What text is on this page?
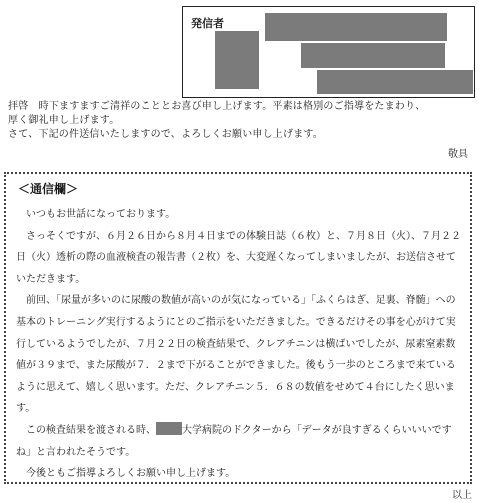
発信者

拝啓　時下ますますご清祥のこととお喜び申し上げます。平素は格別のご指導をたまわり、

厚く御礼申し上げます。

さて、下記の件送信いたしますので、よろしくお願い申し上げます。

敬具
＜通信欄＞

　いつもお世話になっております。

　さっそくですが、６月２６日から８月４日までの体験日誌（６枚）と、７月８日（火）、７月２２日（火）透析の際の血液検査の報告書（２枚）を、大変遅くなってしまいましたが、お送信させていただきます。

　前回、「尿量が多いのに尿酸の数値が高いのが気になっている」「ふくらはぎ、足裏、脊髄」への基本のトレーニング実行するようにとのご指示をいただきました。できるだけその事を心がけて実行しているようでしたが、７月２２日の検査結果で、クレアチニンは横ばいでしたが、尿素窒素数値が３９まで、また尿酸が７．２まで下がることができました。後もう一歩のところまで来ているように思えて、嬉しく思います。ただ、クレアチニン５．６８の数値をせめて４台にしたく思います。

　この検査結果を渡される時、	大学病院のドクターから「データが良すぎるくらいいいですね」と言われたそうです。

　今後ともご指導よろしくお願い申し上げます。

以上
